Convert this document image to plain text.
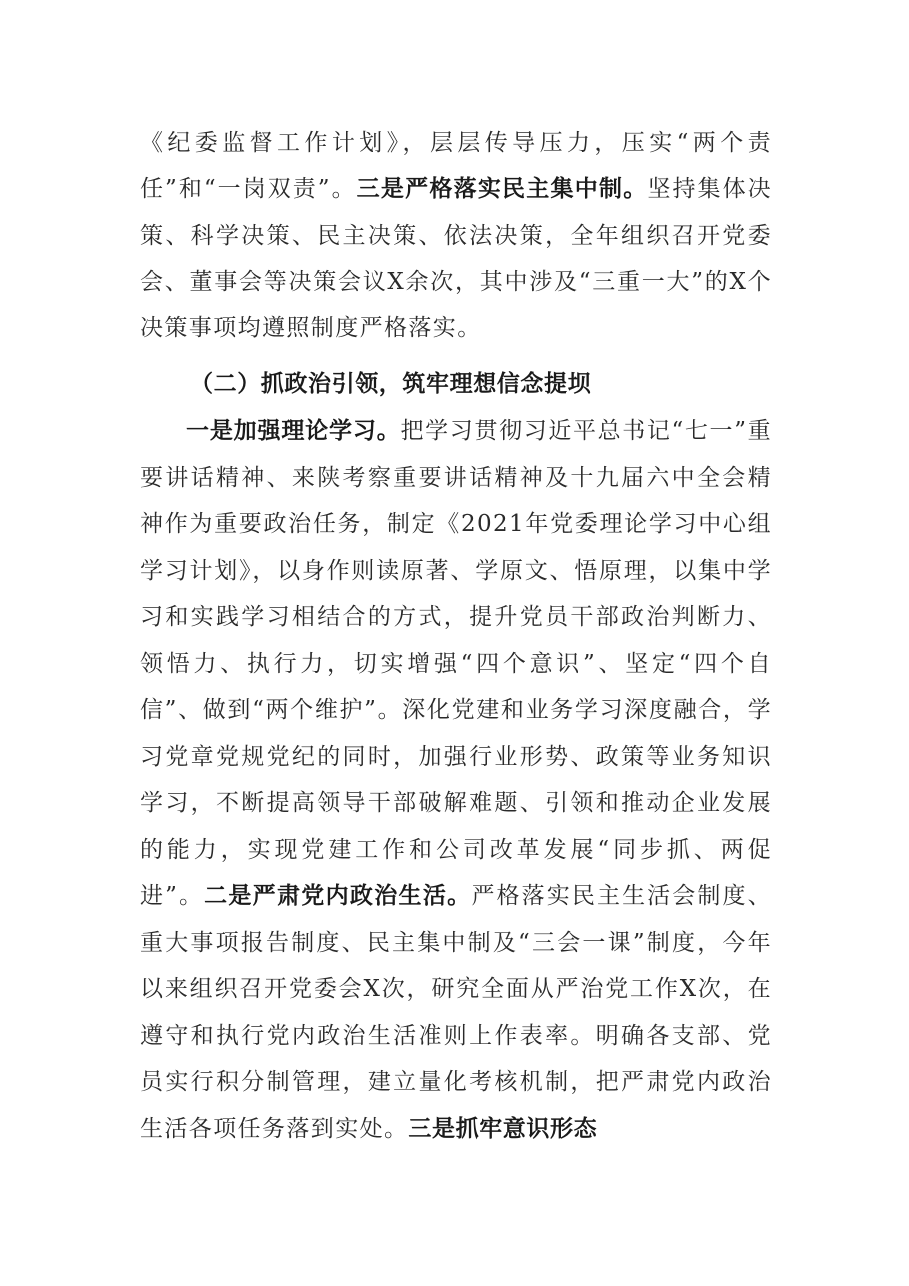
《纪委监督工作计划》，层层传导压力，压实“两个责任”和“一岗双责”。三是严格落实民主集中制。坚持集体决策、科学决策、民主决策、依法决策，全年组织召开党委会、董事会等决策会议X余次，其中涉及“三重一大”的X个决策事项均遵照制度严格落实。

（二）抓政治引领，筑牢理想信念提坝

一是加强理论学习。把学习贯彻习近平总书记“七一”重要讲话精神、来陕考察重要讲话精神及十九届六中全会精神作为重要政治任务，制定《2021年党委理论学习中心组学习计划》，以身作则读原著、学原文、悟原理，以集中学习和实践学习相结合的方式，提升党员干部政治判断力、领悟力、执行力，切实增强“四个意识”、坚定“四个自信”、做到“两个维护”。深化党建和业务学习深度融合，学习党章党规党纪的同时，加强行业形势、政策等业务知识学习，不断提高领导干部破解难题、引领和推动企业发展的能力，实现党建工作和公司改革发展“同步抓、两促进”。二是严肃党内政治生活。严格落实民主生活会制度、重大事项报告制度、民主集中制及“三会一课”制度，今年以来组织召开党委会X次，研究全面从严治党工作X次，在遵守和执行党内政治生活准则上作表率。明确各支部、党员实行积分制管理，建立量化考核机制，把严肃党内政治生活各项任务落到实处。三是抓牢意识形态
